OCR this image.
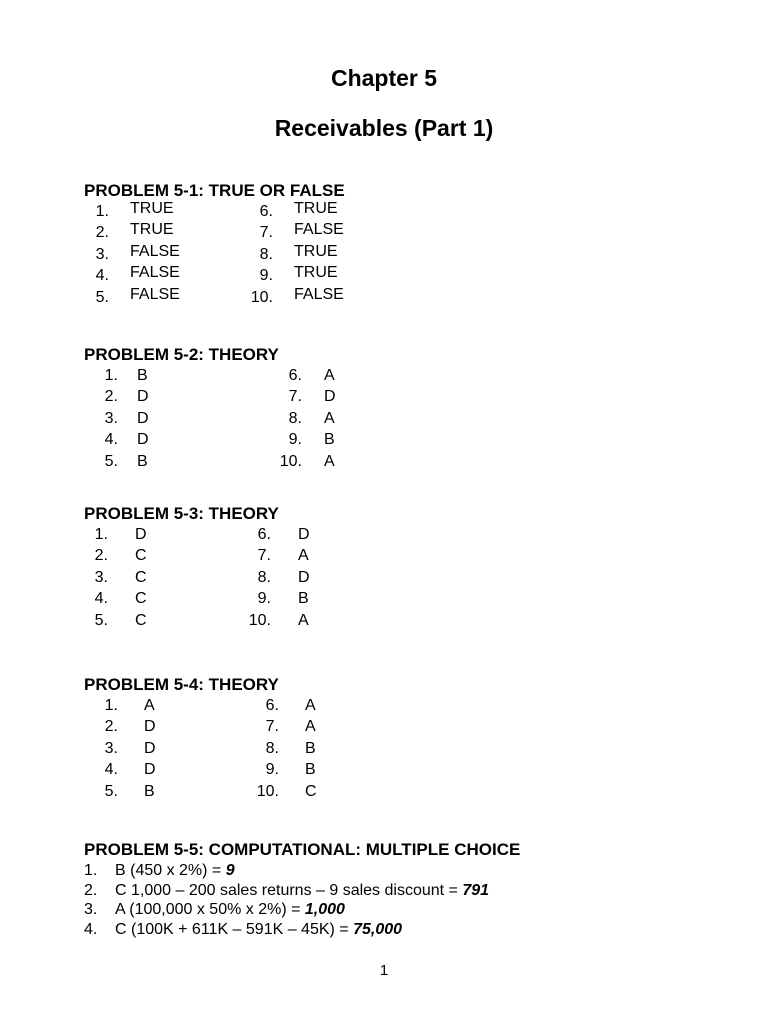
Chapter 5
Receivables (Part 1)
PROBLEM 5-1: TRUE OR FALSE
1. TRUE	6. TRUE
2. TRUE	7. FALSE
3. FALSE	8. TRUE
4. FALSE	9. TRUE
5. FALSE	10. FALSE
PROBLEM 5-2: THEORY
1. B	6. A
2. D	7. D
3. D	8. A
4. D	9. B
5. B	10. A
PROBLEM 5-3: THEORY
1. D	6. D
2. C	7. A
3. C	8. D
4. C	9. B
5. C	10. A
PROBLEM 5-4: THEORY
1. A	6. A
2. D	7. A
3. D	8. B
4. D	9. B
5. B	10. C
PROBLEM 5-5: COMPUTATIONAL: MULTIPLE CHOICE
1. B (450 x 2%) = 9
2. C 1,000 – 200 sales returns – 9 sales discount = 791
3. A (100,000 x 50% x 2%) = 1,000
4. C (100K + 611K – 591K – 45K) = 75,000
1
